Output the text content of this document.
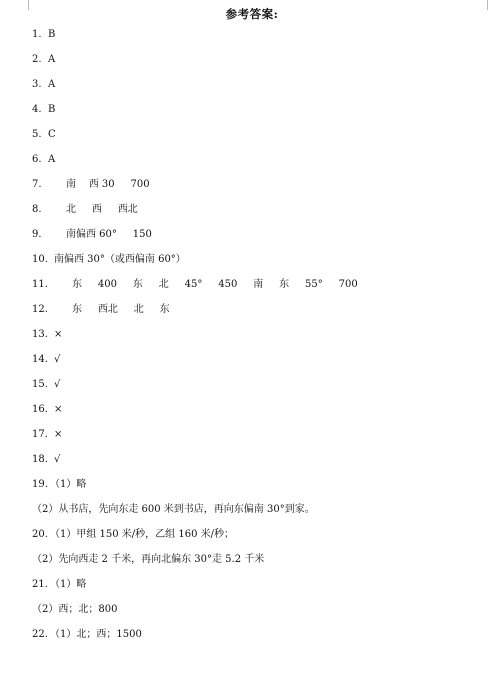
参考答案:

1.

B

2.

A

3.

A

4.

B

5.

C

6.

A

7.

南    西 30     700

8.

北     西     西北

9.

南偏西 60°     150

10.

南偏西 30°（或西偏南 60°）

11.

东     400     东     北     45°     450     南     东     55°     700

12.

东     西北     北     东

13.

×

14.

√

15.

√

16.

×

17.

×

18.

√

19.

（1）略

（2）从书店，先向东走 600 米到书店，再向东偏南 30°到家。

20.

（1）甲组 150 米/秒，乙组 160 米/秒；

（2）先向西走 2 千米，再向北偏东 30°走 5.2 千米

21.

（1）略

（2）西；北；800

22.

（1）北；西；1500
